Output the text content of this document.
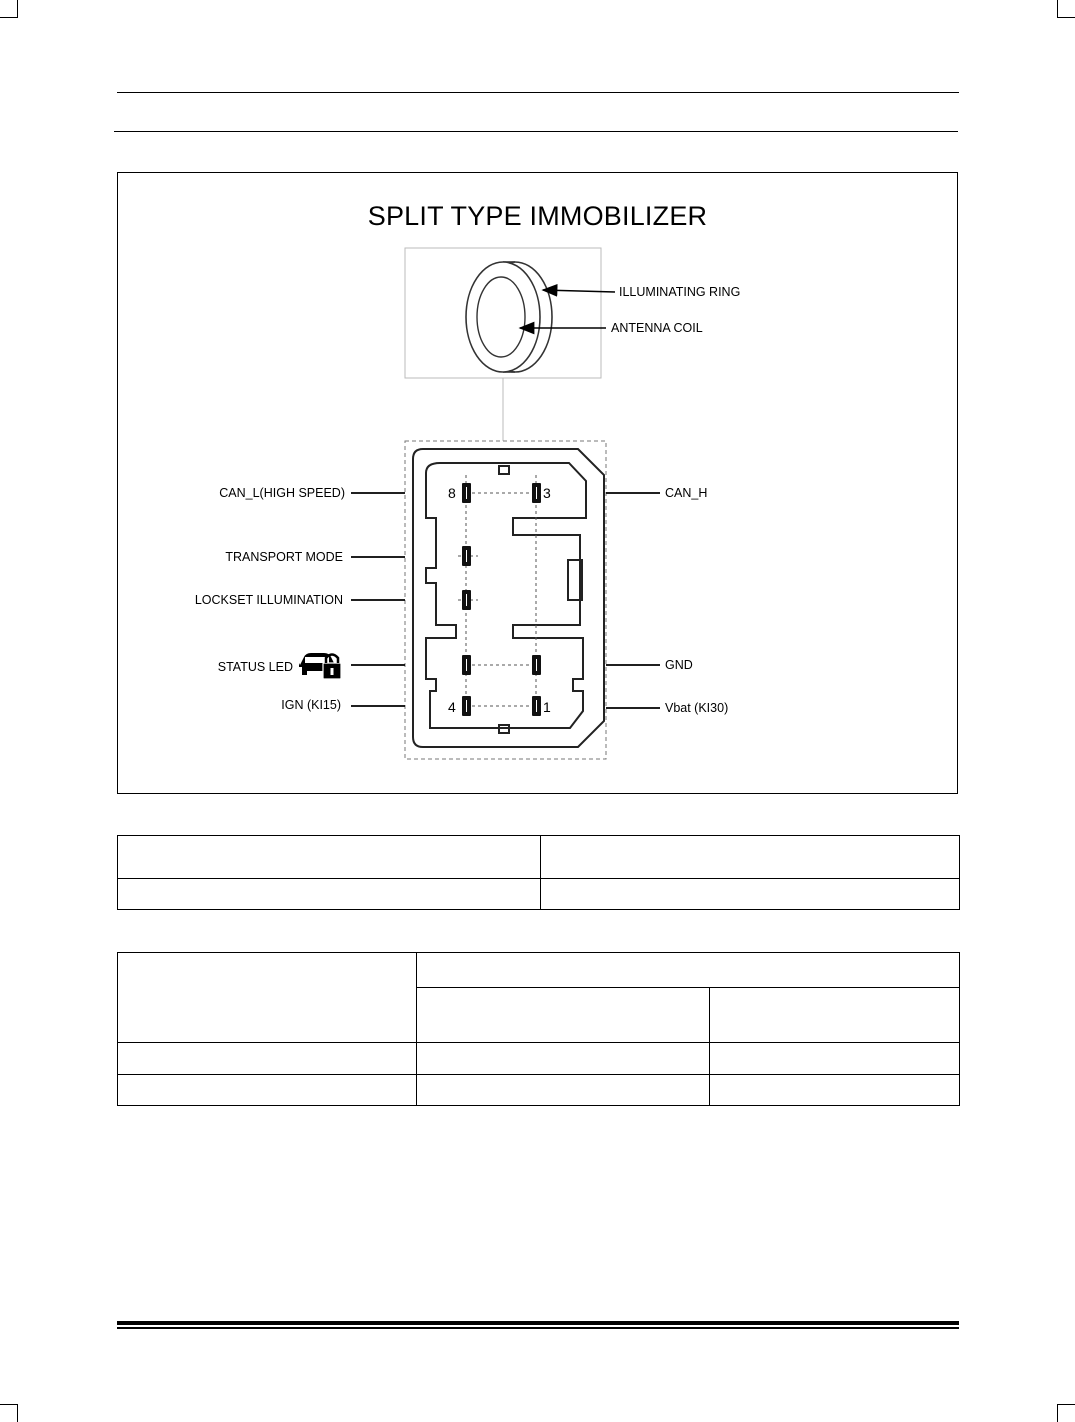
SPLIT TYPE IMMOBILIZER
ILLUMINATING RING
ANTENNA COIL
CAN_L(HIGH SPEED)
TRANSPORT MODE
LOCKSET ILLUMINATION
STATUS LED
IGN (KI15)
CAN_H
GND
Vbat (KI30)
8	3
4	1
